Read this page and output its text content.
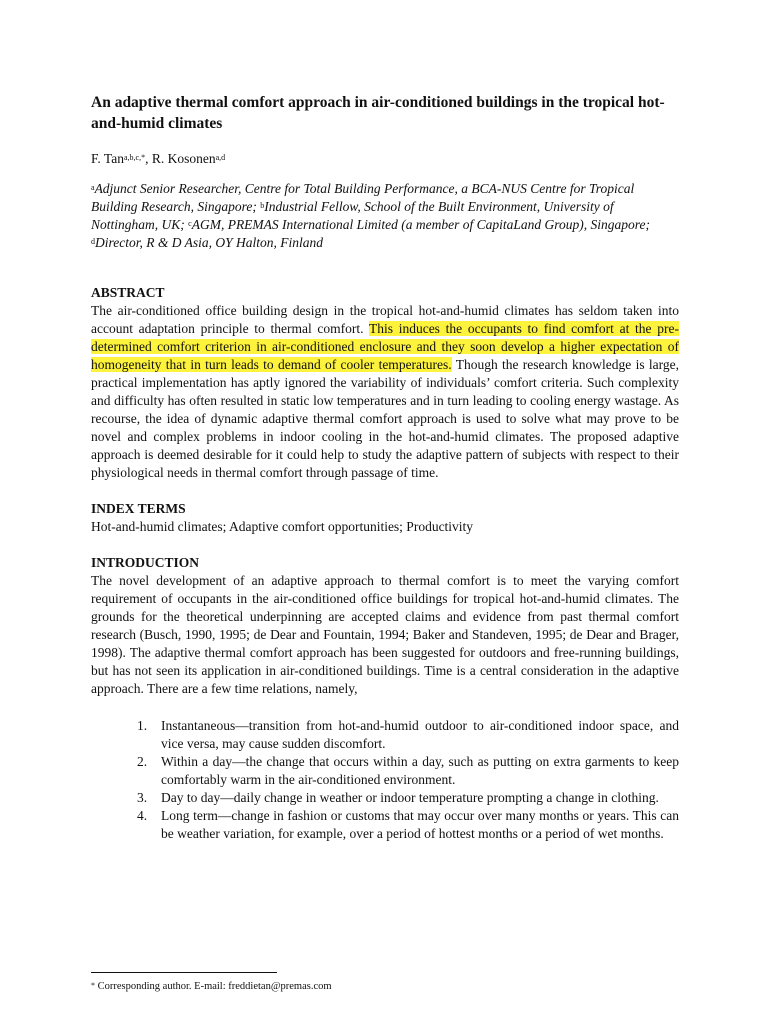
An adaptive thermal comfort approach in air-conditioned buildings in the tropical hot-and-humid climates
F. Tan$^{a,b,c,*}$, R. Kosonen$^{a,d}$
$^a$Adjunct Senior Researcher, Centre for Total Building Performance, a BCA-NUS Centre for Tropical Building Research, Singapore; $^b$Industrial Fellow, School of the Built Environment, University of Nottingham, UK; $^c$AGM, PREMAS International Limited (a member of CapitaLand Group), Singapore; $^d$Director, R & D Asia, OY Halton, Finland
ABSTRACT

The air-conditioned office building design in the tropical hot-and-humid climates has seldom taken into account adaptation principle to thermal comfort. This induces the occupants to find comfort at the pre-determined comfort criterion in air-conditioned enclosure and they soon develop a higher expectation of homogeneity that in turn leads to demand of cooler temperatures. Though the research knowledge is large, practical implementation has aptly ignored the variability of individuals’ comfort criteria. Such complexity and difficulty has often resulted in static low temperatures and in turn leading to cooling energy wastage. As recourse, the idea of dynamic adaptive thermal comfort approach is used to solve what may prove to be novel and complex problems in indoor cooling in the hot-and-humid climates. The proposed adaptive approach is deemed desirable for it could help to study the adaptive pattern of subjects with respect to their physiological needs in thermal comfort through passage of time.

INDEX TERMS

Hot-and-humid climates; Adaptive comfort opportunities; Productivity

INTRODUCTION

The novel development of an adaptive approach to thermal comfort is to meet the varying comfort requirement of occupants in the air-conditioned office buildings for tropical hot-and-humid climates. The grounds for the theoretical underpinning are accepted claims and evidence from past thermal comfort research (Busch, 1990, 1995; de Dear and Fountain, 1994; Baker and Standeven, 1995; de Dear and Brager, 1998). The adaptive thermal comfort approach has been suggested for outdoors and free-running buildings, but has not seen its application in air-conditioned buildings. Time is a central consideration in the adaptive approach. There are a few time relations, namely,

1. Instantaneous—transition from hot-and-humid outdoor to air-conditioned indoor space, and vice versa, may cause sudden discomfort.
2. Within a day—the change that occurs within a day, such as putting on extra garments to keep comfortably warm in the air-conditioned environment.
3. Day to day—daily change in weather or indoor temperature prompting a change in clothing.
4. Long term—change in fashion or customs that may occur over many months or years. This can be weather variation, for example, over a period of hottest months or a period of wet months.
* Corresponding author. E-mail: freddietan@premas.com
